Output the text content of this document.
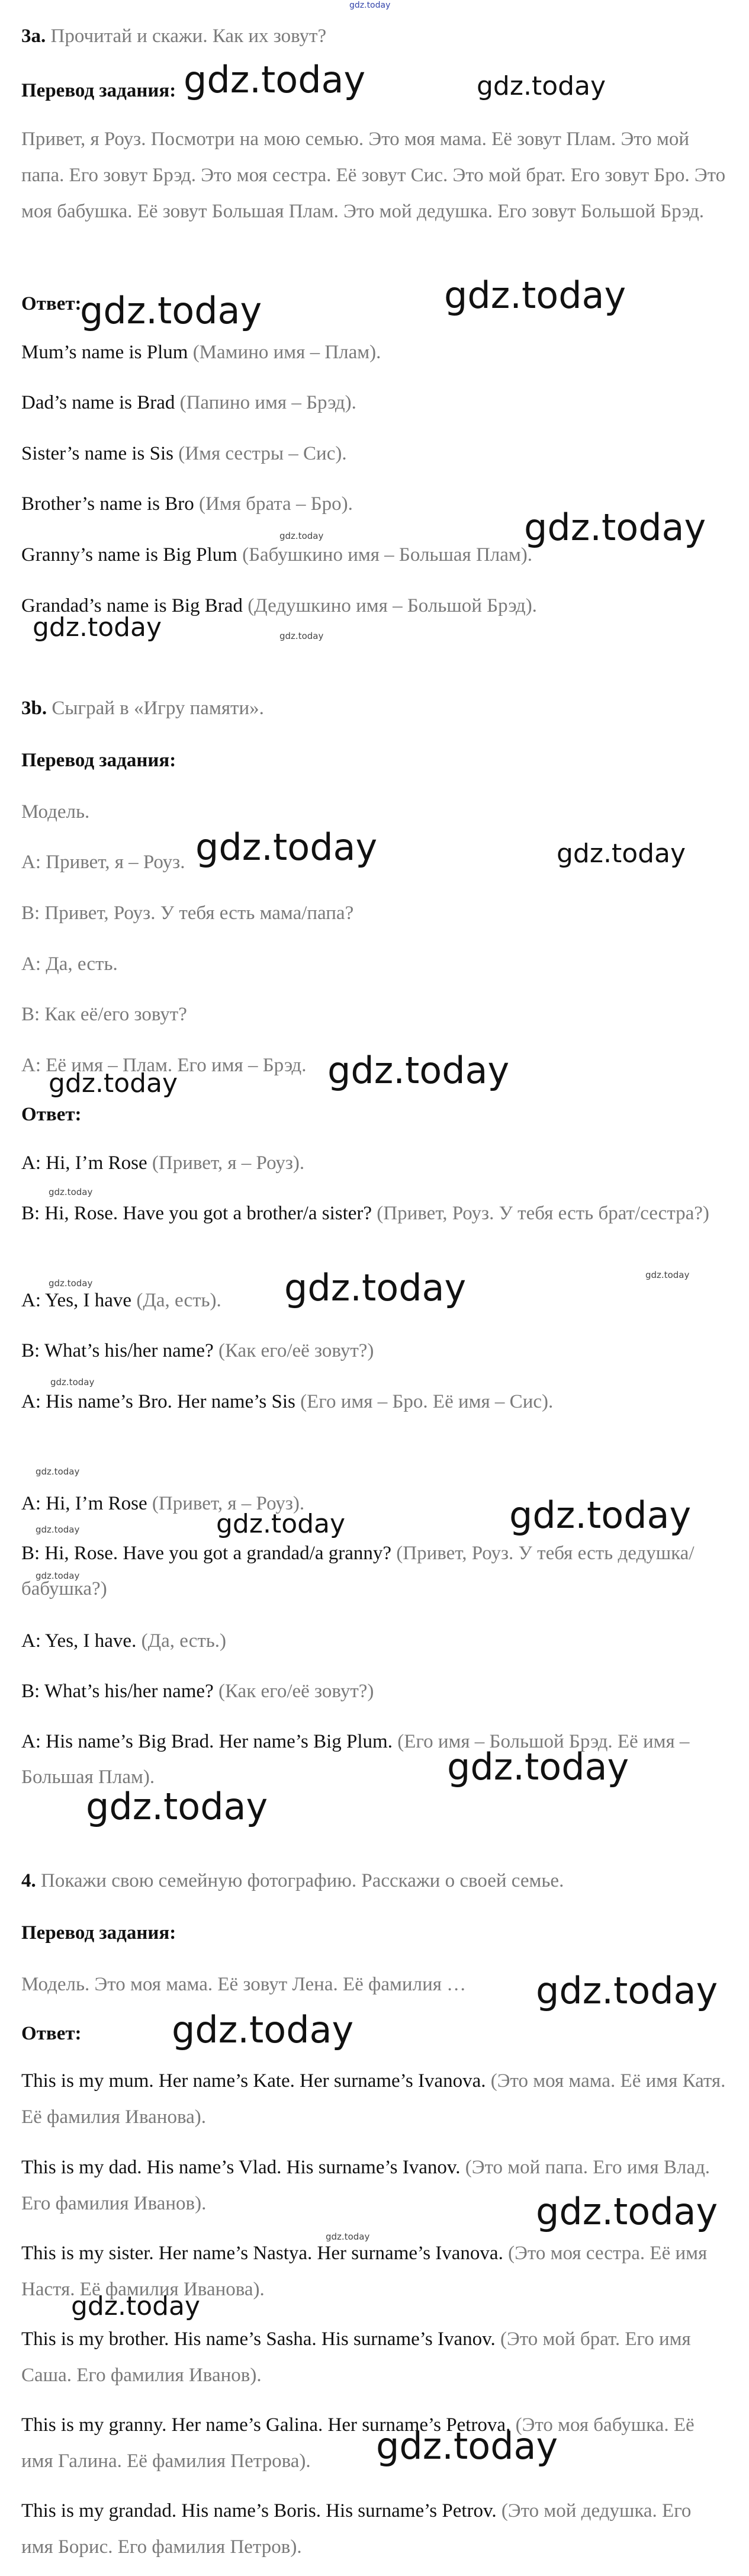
gdz.today
3a. Прочитай и скажи. Как их зовут?
Перевод задания:
Привет, я Роуз. Посмотри на мою семью. Это моя мама. Её зовут Плам. Это мой папа. Его зовут Брэд. Это моя сестра. Её зовут Сис. Это мой брат. Его зовут Бро. Это моя бабушка. Её зовут Большая Плам. Это мой дедушка. Его зовут Большой Брэд.
Ответ:
Mum’s name is Plum (Мамино имя – Плам).
Dad’s name is Brad (Папино имя – Брэд).
Sister’s name is Sis (Имя сестры – Сис).
Brother’s name is Bro (Имя брата – Бро).
Granny’s name is Big Plum (Бабушкино имя – Большая Плам).
Grandad’s name is Big Brad (Дедушкино имя – Большой Брэд).
3b. Сыграй в «Игру памяти».
Перевод задания:
Модель.
A: Привет, я – Роуз.
B: Привет, Роуз. У тебя есть мама/папа?
A: Да, есть.
B: Как её/его зовут?
A: Её имя – Плам. Его имя – Брэд.
Ответ:
A: Hi, I’m Rose (Привет, я – Роуз).
B: Hi, Rose. Have you got a brother/a sister? (Привет, Роуз. У тебя есть брат/сестра?)
A: Yes, I have (Да, есть).
B: What’s his/her name? (Как его/её зовут?)
A: His name’s Bro. Her name’s Sis (Его имя – Бро. Её имя – Сис).
A: Hi, I’m Rose (Привет, я – Роуз).
B: Hi, Rose. Have you got a grandad/a granny? (Привет, Роуз. У тебя есть дедушка/бабушка?)
A: Yes, I have. (Да, есть.)
B: What’s his/her name? (Как его/её зовут?)
A: His name’s Big Brad. Her name’s Big Plum. (Его имя – Большой Брэд. Её имя – Большая Плам).
4. Покажи свою семейную фотографию. Расскажи о своей семье.
Перевод задания:
Модель. Это моя мама. Её зовут Лена. Её фамилия …
Ответ:
This is my mum. Her name’s Kate. Her surname’s Ivanova. (Это моя мама. Её имя Катя. Её фамилия Иванова).
This is my dad. His name’s Vlad. His surname’s Ivanov. (Это мой папа. Его имя Влад. Его фамилия Иванов).
This is my sister. Her name’s Nastya. Her surname’s Ivanova. (Это моя сестра. Её имя Настя. Её фамилия Иванова).
This is my brother. His name’s Sasha. His surname’s Ivanov. (Это мой брат. Его имя Саша. Его фамилия Иванов).
This is my granny. Her name’s Galina. Her surname’s Petrova. (Это моя бабушка. Её имя Галина. Её фамилия Петрова).
This is my grandad. His name’s Boris. His surname’s Petrov. (Это мой дедушка. Его имя Борис. Его фамилия Петров).
gdz.today	gdz.today
gdz.today	gdz.today
gdz.today	gdz.today
gdz.today	gdz.today
gdz.today	gdz.today
gdz.today	gdz.today
gdz.today
gdz.today	gdz.today
gdz.today
gdz.today
gdz.today
gdz.today	gdz.today
gdz.today
gdz.today
gdz.today
gdz.today
gdz.today
gdz.today
gdz.today
gdz.today
gdz.today
gdz.today
